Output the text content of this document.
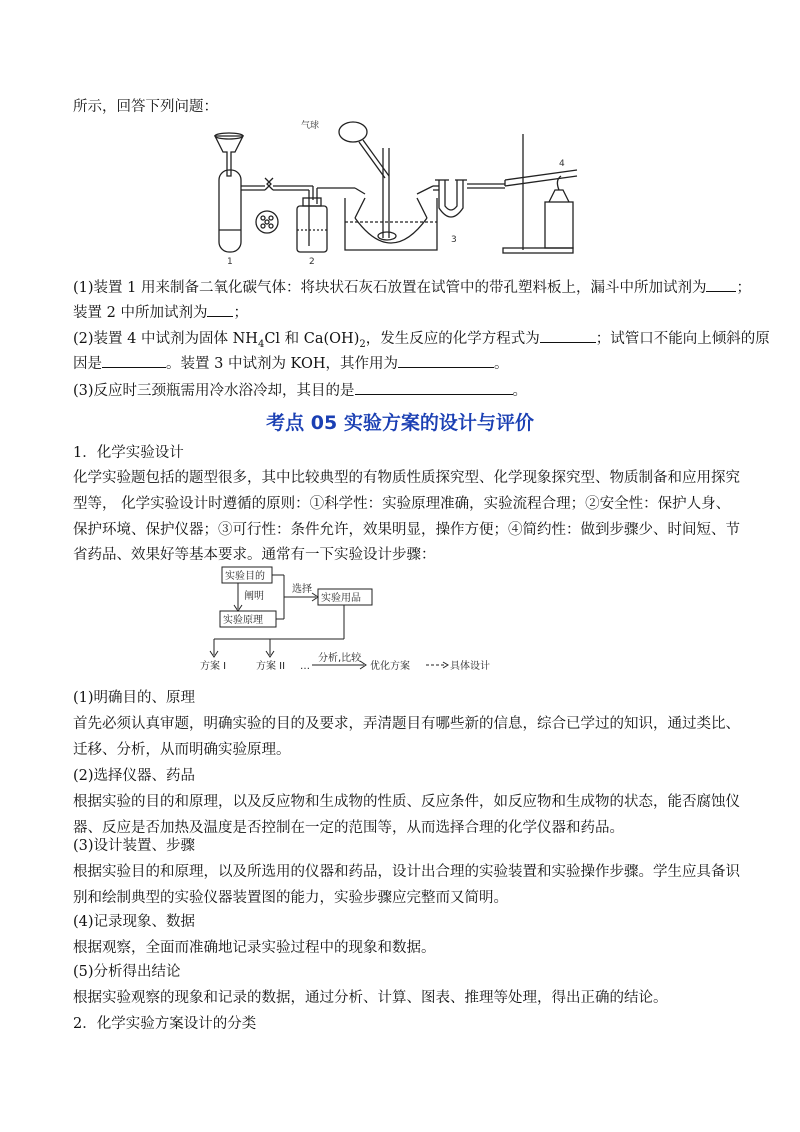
所示，回答下列问题：
气球
1	2
3
4
(1)装置 1 用来制备二氧化碳气体：将块状石灰石放置在试管中的带孔塑料板上，漏斗中所加试剂为 ；
装置 2 中所加试剂为 ；
(2)装置 4 中试剂为固体 $NH_4Cl$ 和 $Ca(OH)_2$，发生反应的化学方程式为	；试管口不能向上倾斜的原
因是	。装置 3 中试剂为 KOH，其作用为	。
(3)反应时三颈瓶需用冷水浴冷却，其目的是	。
考点 05 实验方案的设计与评价
1．化学实验设计
化学实验题包括的题型很多，其中比较典型的有物质性质探究型、化学现象探究型、物质制备和应用探究
型等， 化学实验设计时遵循的原则：①科学性：实验原理准确，实验流程合理；②安全性：保护人身、
保护环境、保护仪器；③可行性：条件允许，效果明显，操作方便；④简约性：做到步骤少、时间短、节
省药品、效果好等基本要求。通常有一下实验设计步骤：
实验目的
阐明
实验原理
选择
实验用品
方案 I	方案 II …
分析,比较
优化方案	具体设计
(1)明确目的、原理
首先必须认真审题，明确实验的目的及要求，弄清题目有哪些新的信息，综合已学过的知识，通过类比、
迁移、分析，从而明确实验原理。
(2)选择仪器、药品
根据实验的目的和原理，以及反应物和生成物的性质、反应条件，如反应物和生成物的状态，能否腐蚀仪
器、反应是否加热及温度是否控制在一定的范围等，从而选择合理的化学仪器和药品。
(3)设计装置、步骤
根据实验目的和原理，以及所选用的仪器和药品，设计出合理的实验装置和实验操作步骤。学生应具备识
别和绘制典型的实验仪器装置图的能力，实验步骤应完整而又简明。
(4)记录现象、数据
根据观察，全面而准确地记录实验过程中的现象和数据。
(5)分析得出结论
根据实验观察的现象和记录的数据，通过分析、计算、图表、推理等处理，得出正确的结论。
2．化学实验方案设计的分类
